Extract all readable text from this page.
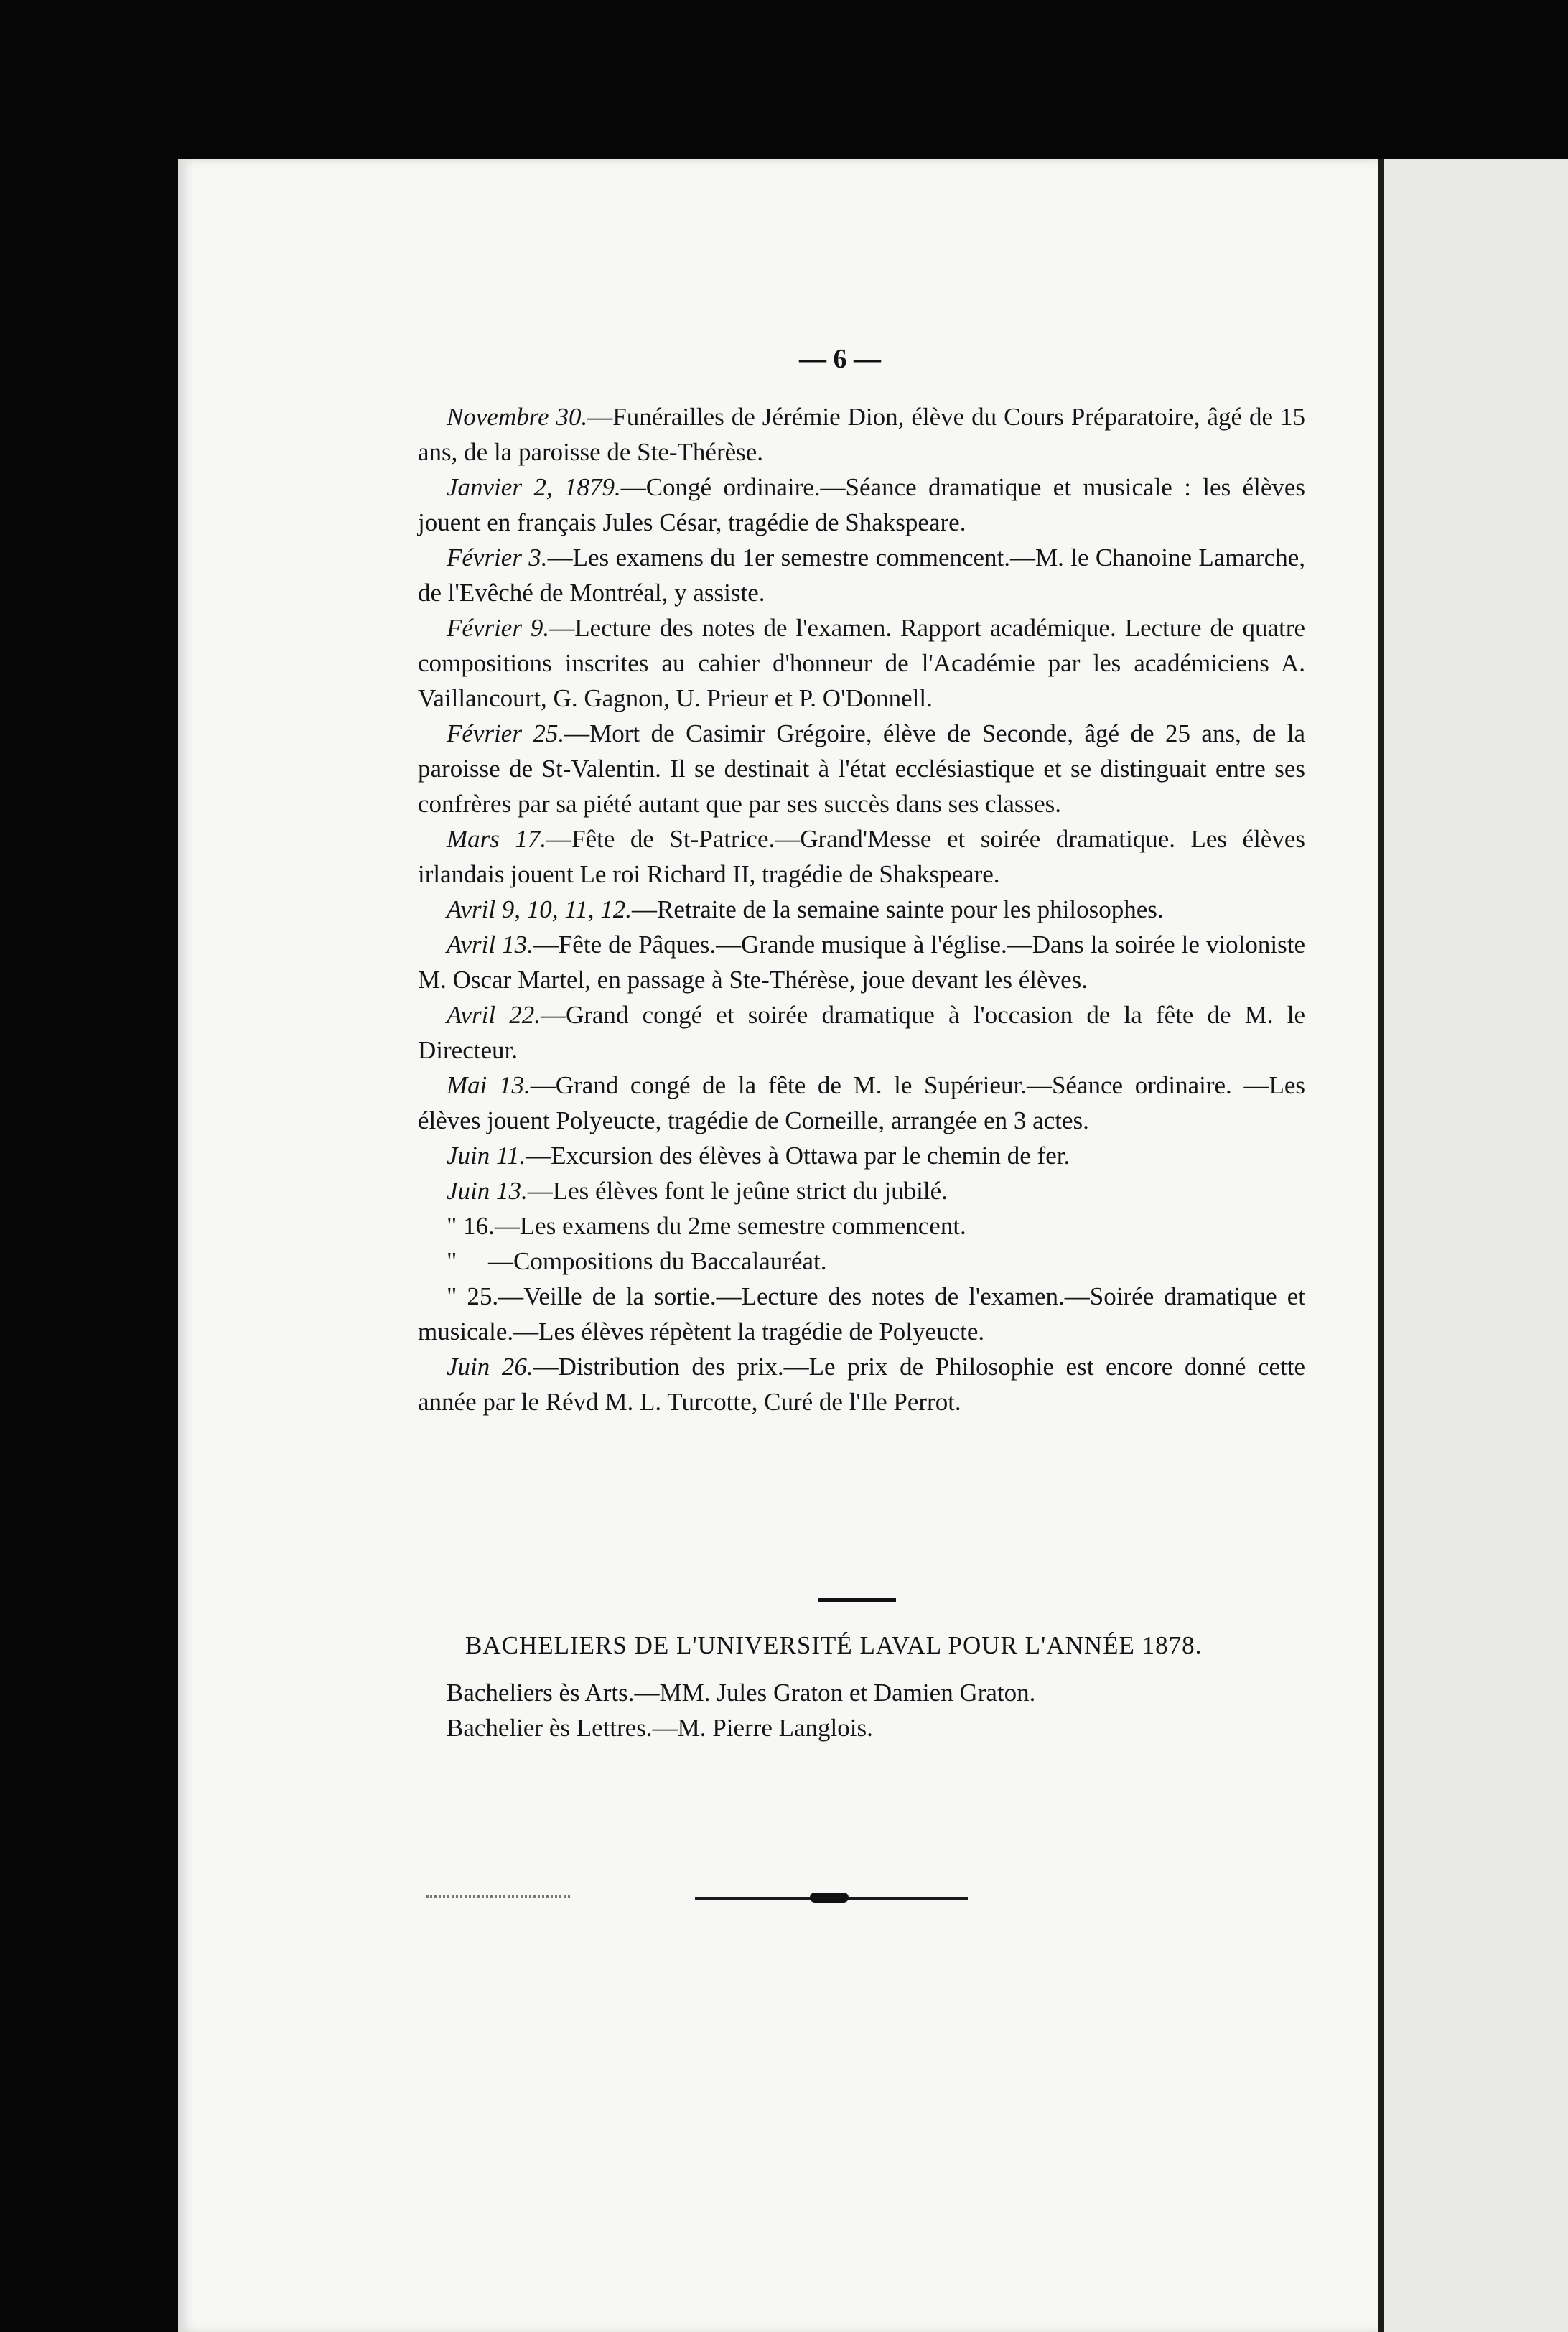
— 6 —

Novembre 30.—Funérailles de Jérémie Dion, élève du Cours Préparatoire, âgé de 15 ans, de la paroisse de Ste-Thérèse.

Janvier 2, 1879.—Congé ordinaire.—Séance dramatique et musicale : les élèves jouent en français Jules César, tragédie de Shakspeare.

Février 3.—Les examens du 1er semestre commencent.—M. le Chanoine Lamarche, de l'Evêché de Montréal, y assiste.

Février 9.—Lecture des notes de l'examen. Rapport académique. Lecture de quatre compositions inscrites au cahier d'honneur de l'Académie par les académiciens A. Vaillancourt, G. Gagnon, U. Prieur et P. O'Donnell.

Février 25.—Mort de Casimir Grégoire, élève de Seconde, âgé de 25 ans, de la paroisse de St-Valentin. Il se destinait à l'état ecclésiastique et se distinguait entre ses confrères par sa piété autant que par ses succès dans ses classes.

Mars 17.—Fête de St-Patrice.—Grand'Messe et soirée dramatique. Les élèves irlandais jouent Le roi Richard II, tragédie de Shakspeare.

Avril 9, 10, 11, 12.—Retraite de la semaine sainte pour les philosophes.

Avril 13.—Fête de Pâques.—Grande musique à l'église.—Dans la soirée le violoniste M. Oscar Martel, en passage à Ste-Thérèse, joue devant les élèves.

Avril 22.—Grand congé et soirée dramatique à l'occasion de la fête de M. le Directeur.

Mai 13.—Grand congé de la fête de M. le Supérieur.—Séance ordinaire. —Les élèves jouent Polyeucte, tragédie de Corneille, arrangée en 3 actes.

Juin 11.—Excursion des élèves à Ottawa par le chemin de fer.

Juin 13.—Les élèves font le jeûne strict du jubilé.

" 16.—Les examens du 2me semestre commencent.

" —Compositions du Baccalauréat.

" 25.—Veille de la sortie.—Lecture des notes de l'examen.—Soirée dramatique et musicale.—Les élèves répètent la tragédie de Polyeucte.

Juin 26.—Distribution des prix.—Le prix de Philosophie est encore donné cette année par le Révd M. L. Turcotte, Curé de l'Ile Perrot.

BACHELIERS DE L'UNIVERSITÉ LAVAL POUR L'ANNÉE 1878.
Bacheliers ès Arts.—MM. Jules Graton et Damien Graton.
Bachelier ès Lettres.—M. Pierre Langlois.
